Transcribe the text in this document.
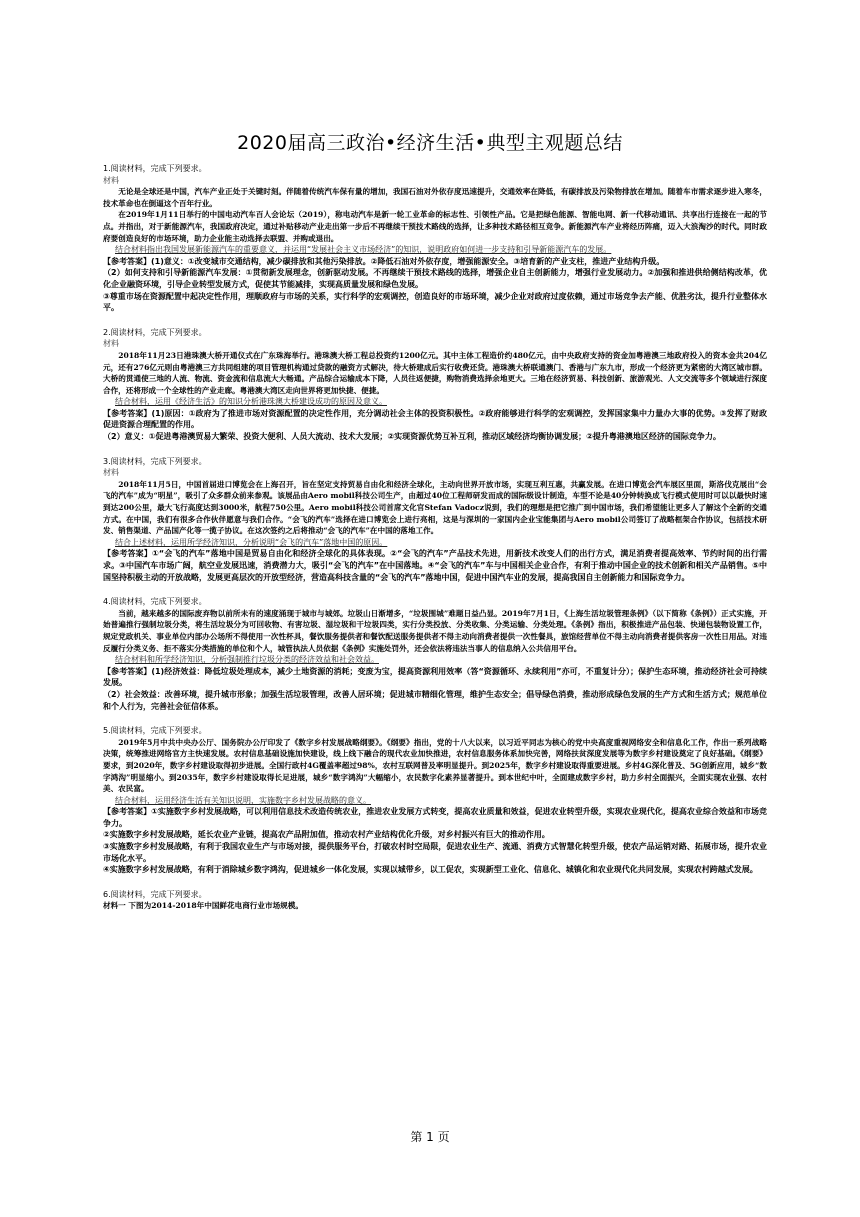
2020届高三政治•经济生活•典型主观题总结

1.阅读材料，完成下列要求。

材料

无论是全球还是中国，汽车产业正处于关键时刻。伴随着传统汽车保有量的增加，我国石油对外依存度迅速提升，交通效率在降低，有碳排放及污染物排放在增加。随着车市需求逐步进入寒冬，技术革命也在倒逼这个百年行业。

在2019年1月11日举行的中国电动汽车百人会论坛（2019），称电动汽车是新一轮工业革命的标志性、引领性产品。它是把绿色能源、智能电网、新一代移动通讯、共享出行连接在一起的节点。并指出，对于新能源汽车，我国政府决定，通过补贴移动产业走出第一步后不再继续干预技术路线的选择，让多种技术路径相互竞争。新能源汽车产业将经历阵痛，迈入大浪淘沙的时代。同时政府要创造良好的市场环境，助力企业能主动选择去联盟、并购或退出。

结合材料指出我国发展新能源汽车的重要意义，并运用“发展社会主义市场经济”的知识，说明政府如何进一步支持和引导新能源汽车的发展。

【参考答案】(1)意义：①改变城市交通结构，减少碳排放和其他污染排放。②降低石油对外依存度，增强能源安全。③培育新的产业支柱，推进产业结构升级。

（2）如何支持和引导新能源汽车发展：①贯彻新发展理念，创新驱动发展。不再继续干预技术路线的选择，增强企业自主创新能力，增强行业发展动力。②加强和推进供给侧结构改革，优化企业融资环境，引导企业转型发展方式，促使其节能减排，实现高质量发展和绿色发展。

③尊重市场在资源配置中起决定性作用，理顺政府与市场的关系，实行科学的宏观调控，创造良好的市场环境，减少企业对政府过度依赖，通过市场竞争去产能、优胜劣汰，提升行业整体水平。

2.阅读材料，完成下列要求。

材料

2018年11月23日港珠澳大桥开通仪式在广东珠海举行。港珠澳大桥工程总投资约1200亿元。其中主体工程造价约480亿元，由中央政府支持的资金加粤港澳三地政府投入的资本金共204亿元，还有276亿元则由粤港澳三方共同组建的项目管理机构通过贷款的融资方式解决，待大桥建成后实行收费还贷。港珠澳大桥联通澳门、香港与广东九市，形成一个经济更为紧密的大湾区城市群。大桥的贯通使三地的人流、物流、资金流和信息流大大畅通。产品综合运输成本下降，人员往返便捷，购物消费选择余地更大。三地在经济贸易、科技创新、旅游观光、人文交流等多个领域进行深度合作，还将形成一个全球性的产业走廊。粤港澳大湾区走向世界将更加快捷、便捷。

结合材料，运用《经济生活》的知识分析港珠澳大桥建设成功的原因及意义。

【参考答案】(1)原因：①政府为了推进市场对资源配置的决定性作用，充分调动社会主体的投资积极性。②政府能够进行科学的宏观调控，发挥国家集中力量办大事的优势。③发挥了财政促进资源合理配置的作用。

（2）意义：①促进粤港澳贸易大繁荣、投资大便利、人员大流动、技术大发展；②实现资源优势互补互利，推动区域经济均衡协调发展；②提升粤港澳地区经济的国际竞争力。

3.阅读材料，完成下列要求。

材料

2018年11月5日，中国首届进口博览会在上海召开，旨在坚定支持贸易自由化和经济全球化，主动向世界开放市场，实现互利互惠，共赢发展。在进口博览会汽车展区里面，斯洛伐克展出“会飞的汽车”成为“明星”，吸引了众多群众前来参观。该展品由Aero mobil科技公司生产，由超过40位工程师研发而成的国际级设计制造，车型不论是40分钟转换成飞行模式使用时可以以最快时速到达200公里，最大飞行高度达到3000米，航程750公里。Aero mobil科技公司首席文化官Stefan Vadocz说到，我们的理想是把它推广到中国市场，我们希望能让更多人了解这个全新的交通方式。在中国，我们有很多合作伙伴愿意与我们合作。“会飞的汽车”选择在进口博览会上进行亮相，这是与深圳的一家国内企业宝能集团与Aero mobil公司签订了战略框架合作协议，包括技术研发、销售渠道、产品国产化等一揽子协议。在这次签约之后将推动“会飞的汽车”在中国的落地工作。

结合上述材料，运用所学经济知识，分析说明“会飞的汽车”落地中国的原因。

【参考答案】①“会飞的汽车”落地中国是贸易自由化和经济全球化的具体表现。②“会飞的汽车”产品技术先进，用新技术改变人们的出行方式，满足消费者提高效率、节约时间的出行需求。③中国汽车市场广阔，航空业发展迅速，消费潜力大，吸引“会飞的汽车”在中国落地。④“会飞的汽车”车与中国相关企业合作，有利于推动中国企业的技术创新和相关产品销售。⑤中国坚持积极主动的开放战略，发展更高层次的开放型经济，营造高科技含量的“会飞的汽车”落地中国，促进中国汽车业的发展，提高我国自主创新能力和国际竞争力。

4.阅读材料，完成下列要求。

当前，越来越多的国际废弃物以前所未有的速度涌现于城市与城郊。垃圾山日渐增多，“垃圾围城”难题日益凸显。2019年7月1日，《上海生活垃圾管理条例》（以下简称《条例》）正式实施，开始普遍推行强制垃圾分类，将生活垃圾分为可回收物、有害垃圾、湿垃圾和干垃圾四类，实行分类投放、分类收集、分类运输、分类处理。《条例》指出，积极推进产品包装、快递包装物设置工作，规定党政机关、事业单位内部办公场所不得使用一次性杯具，餐饮服务提供者和餐饮配送服务提供者不得主动向消费者提供一次性餐具，旅馆经营单位不得主动向消费者提供客房一次性日用品。对违反履行分类义务、拒不落实分类措施的单位和个人，城管执法人员依据《条例》实施处罚外，还会依法将违法当事人的信息纳入公共信用平台。

结合材料和所学经济知识，分析强制推行垃圾分类的经济效益和社会效益。

【参考答案】(1)经济效益：降低垃圾处理成本，减少土地资源的消耗；变废为宝，提高资源利用效率（答“资源循环、永续利用”亦可，不重复计分）；保护生态环境，推动经济社会可持续发展。

（2）社会效益：改善环境，提升城市形象；加强生活垃圾管理，改善人居环境；促进城市精细化管理，维护生态安全；倡导绿色消费，推动形成绿色发展的生产方式和生活方式；规范单位和个人行为，完善社会征信体系。

5.阅读材料，完成下列要求。

2019年5月中共中央办公厅、国务院办公厅印发了《数字乡村发展战略纲要》。《纲要》指出，党的十八大以来，以习近平同志为核心的党中央高度重视网络安全和信息化工作，作出一系列战略决策，统筹推进网络官方主快速发展。农村信息基础设施加快建设，线上线下融合的现代农业加快推进，农村信息服务体系加快完善，网络扶贫深度发展等为数字乡村建设奠定了良好基础。《纲要》要求，到2020年，数字乡村建设取得初步进展。全国行政村4G覆盖率超过98%，农村互联网普及率明显提升。到2025年，数字乡村建设取得重要进展。乡村4G深化普及、5G创新应用，城乡“数字鸿沟”明显缩小。到2035年，数字乡村建设取得长足进展，城乡“数字鸿沟”大幅缩小，农民数字化素养显著提升。到本世纪中叶，全面建成数字乡村，助力乡村全面振兴，全面实现农业强、农村美、农民富。

结合材料，运用经济生活有关知识说明，实施数字乡村发展战略的意义。

【参考答案】①实施数字乡村发展战略，可以利用信息技术改造传统农业，推进农业发展方式转变，提高农业质量和效益，促进农业转型升级，实现农业现代化，提高农业综合效益和市场竞争力。

②实施数字乡村发展战略，延长农业产业链，提高农产品附加值，推动农村产业结构优化升级，对乡村振兴有巨大的推动作用。

③实施数字乡村发展战略，有利于我国农业生产与市场对接，提供服务平台，打破农村时空局限，促进农业生产、流通、消费方式智慧化转型升级，使农产品运销对路、拓展市场，提升农业市场化水平。

④实施数字乡村发展战略，有利于消除城乡数字鸿沟，促进城乡一体化发展，实现以城带乡，以工促农，实现新型工业化、信息化、城镇化和农业现代化共同发展，实现农村跨越式发展。

6.阅读材料，完成下列要求。

材料一 下图为2014-2018年中国鲜花电商行业市场规模。

第 1 页
